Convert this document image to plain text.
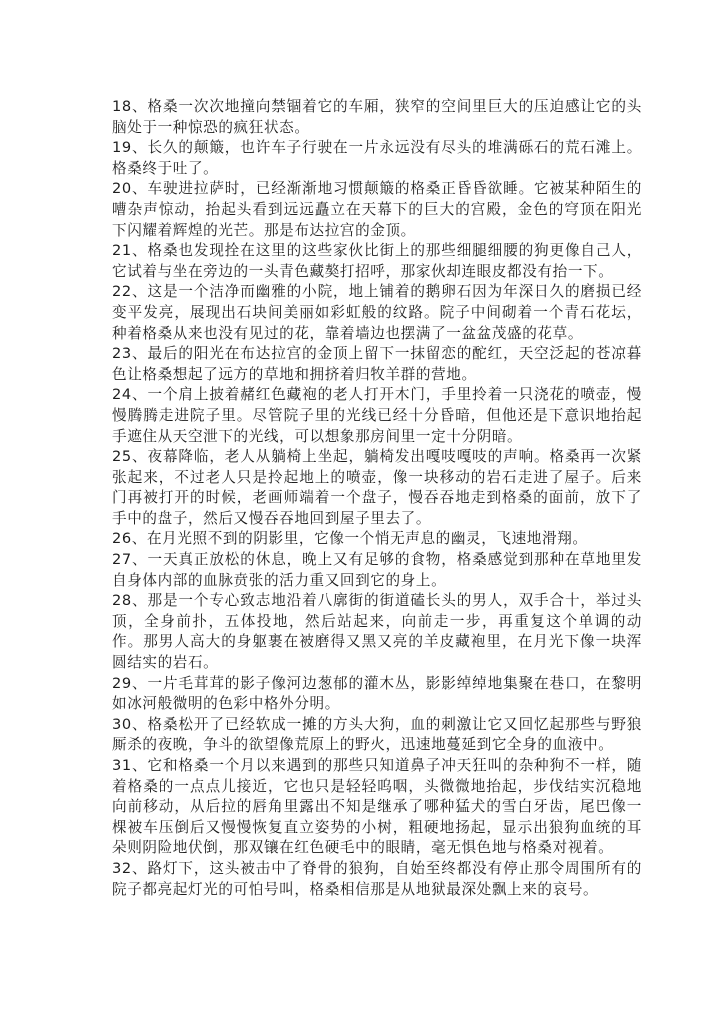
18、格桑一次次地撞向禁锢着它的车厢，狭窄的空间里巨大的压迫感让它的头脑处于一种惊恐的疯狂状态。

19、长久的颠簸，也许车子行驶在一片永远没有尽头的堆满砾石的荒石滩上。格桑终于吐了。

20、车驶进拉萨时，已经渐渐地习惯颠簸的格桑正昏昏欲睡。它被某种陌生的嘈杂声惊动，抬起头看到远远矗立在天幕下的巨大的宫殿，金色的穹顶在阳光下闪耀着辉煌的光芒。那是布达拉宫的金顶。

21、格桑也发现拴在这里的这些家伙比街上的那些细腿细腰的狗更像自己人，它试着与坐在旁边的一头青色藏獒打招呼，那家伙却连眼皮都没有抬一下。

22、这是一个洁净而幽雅的小院，地上铺着的鹅卵石因为年深日久的磨损已经变平发亮，展现出石块间美丽如彩虹般的纹路。院子中间砌着一个青石花坛，种着格桑从来也没有见过的花，靠着墙边也摆满了一盆盆茂盛的花草。

23、最后的阳光在布达拉宫的金顶上留下一抹留恋的酡红，天空泛起的苍凉暮色让格桑想起了远方的草地和拥挤着归牧羊群的营地。

24、一个肩上披着赭红色藏袍的老人打开木门，手里拎着一只浇花的喷壶，慢慢腾腾走进院子里。尽管院子里的光线已经十分昏暗，但他还是下意识地抬起手遮住从天空泄下的光线，可以想象那房间里一定十分阴暗。

25、夜幕降临，老人从躺椅上坐起，躺椅发出嘎吱嘎吱的声响。格桑再一次紧张起来，不过老人只是拎起地上的喷壶，像一块移动的岩石走进了屋子。后来门再被打开的时候，老画师端着一个盘子，慢吞吞地走到格桑的面前，放下了手中的盘子，然后又慢吞吞地回到屋子里去了。

26、在月光照不到的阴影里，它像一个悄无声息的幽灵，飞速地滑翔。

27、一天真正放松的休息，晚上又有足够的食物，格桑感觉到那种在草地里发自身体内部的血脉贲张的活力重又回到它的身上。

28、那是一个专心致志地沿着八廓街的街道磕长头的男人，双手合十，举过头顶，全身前扑，五体投地，然后站起来，向前走一步，再重复这个单调的动作。那男人高大的身躯裹在被磨得又黑又亮的羊皮藏袍里，在月光下像一块浑圆结实的岩石。

29、一片毛茸茸的影子像河边葱郁的灌木丛，影影绰绰地集聚在巷口，在黎明如冰河般微明的色彩中格外分明。

30、格桑松开了已经软成一摊的方头大狗，血的刺激让它又回忆起那些与野狼厮杀的夜晚，争斗的欲望像荒原上的野火，迅速地蔓延到它全身的血液中。

31、它和格桑一个月以来遇到的那些只知道鼻子冲天狂叫的杂种狗不一样，随着格桑的一点点儿接近，它也只是轻轻呜咽，头微微地抬起，步伐结实沉稳地向前移动，从后拉的唇角里露出不知是继承了哪种猛犬的雪白牙齿，尾巴像一棵被车压倒后又慢慢恢复直立姿势的小树，粗硬地扬起，显示出狼狗血统的耳朵则阴险地伏倒，那双镶在红色硬毛中的眼睛，毫无惧色地与格桑对视着。

32、路灯下，这头被击中了脊骨的狼狗，自始至终都没有停止那令周围所有的院子都亮起灯光的可怕号叫，格桑相信那是从地狱最深处飘上来的哀号。
